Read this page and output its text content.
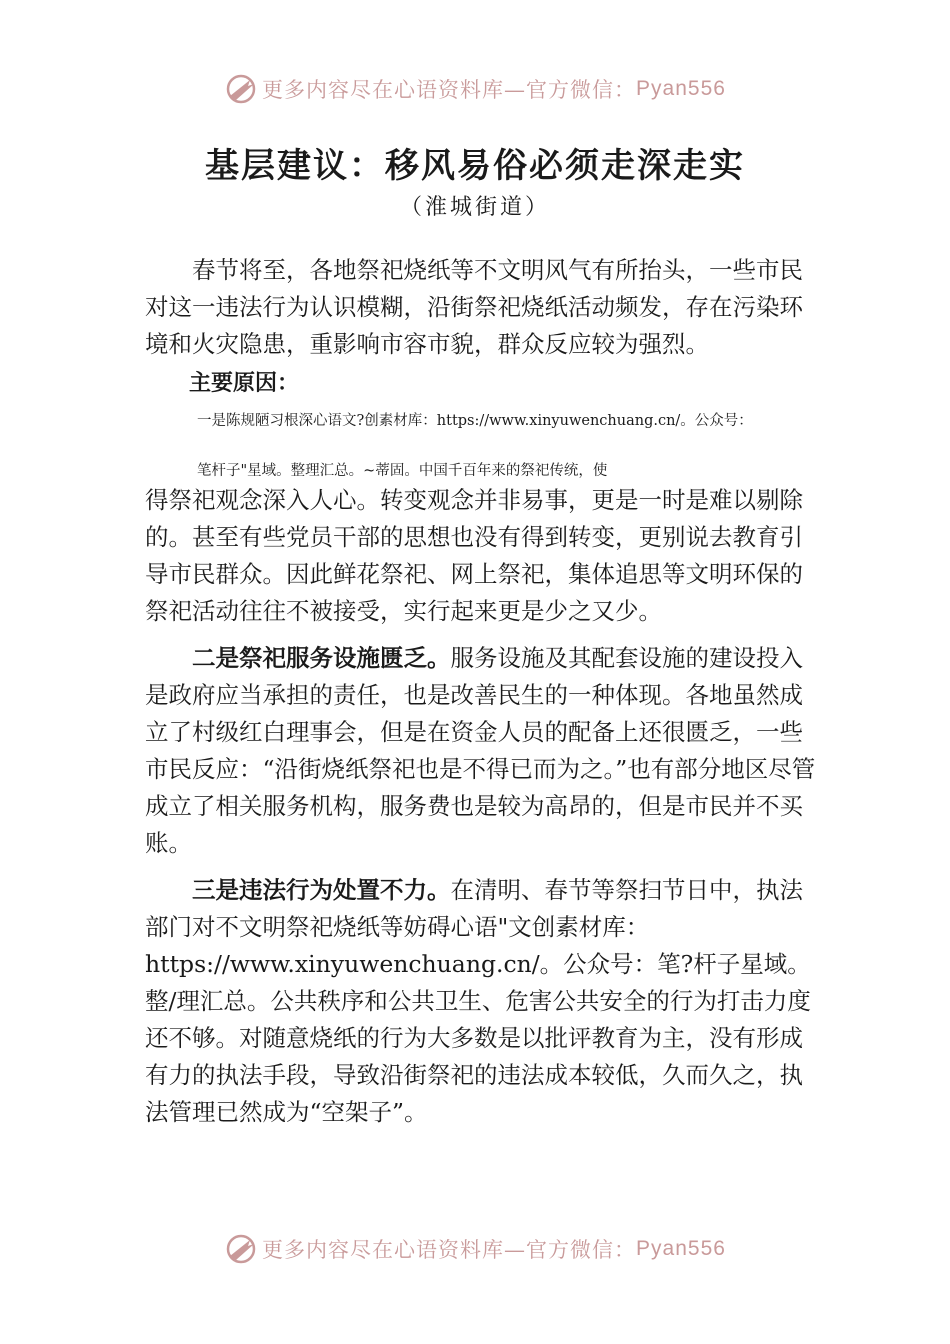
更多内容尽在心语资料库—官方微信： Pyan556
基层建议：移风易俗必须走深走实
（淮城街道）

春节将至，各地祭祀烧纸等不文明风气有所抬头，一些市民对这一违法行为认识模糊，沿街祭祀烧纸活动频发，存在污染环境和火灾隐患，重影响市容市貌，群众反应较为强烈。

主要原因：

一是陈规陋习根深心语文?创素材库：https://www.xinyuwenchuang.cn/。公众号：

笔杆子"星域。整理汇总。~蒂固。中国千百年来的祭祀传统，使

得祭祀观念深入人心。转变观念并非易事，更是一时是难以剔除的。甚至有些党员干部的思想也没有得到转变，更别说去教育引导市民群众。因此鲜花祭祀、网上祭祀，集体追思等文明环保的祭祀活动往往不被接受，实行起来更是少之又少。

二是祭祀服务设施匮乏。服务设施及其配套设施的建设投入是政府应当承担的责任，也是改善民生的一种体现。各地虽然成立了村级红白理事会，但是在资金人员的配备上还很匮乏，一些市民反应：“沿街烧纸祭祀也是不得已而为之。”也有部分地区尽管成立了相关服务机构，服务费也是较为高昂的，但是市民并不买账。

三是违法行为处置不力。在清明、春节等祭扫节日中，执法部门对不文明祭祀烧纸等妨碍心语"文创素材库：https://www.xinyuwenchuang.cn/。公众号：笔?杆子星域。整/理汇总。公共秩序和公共卫生、危害公共安全的行为打击力度还不够。对随意烧纸的行为大多数是以批评教育为主，没有形成有力的执法手段，导致沿街祭祀的违法成本较低，久而久之，执法管理已然成为“空架子”。

更多内容尽在心语资料库—官方微信： Pyan556
